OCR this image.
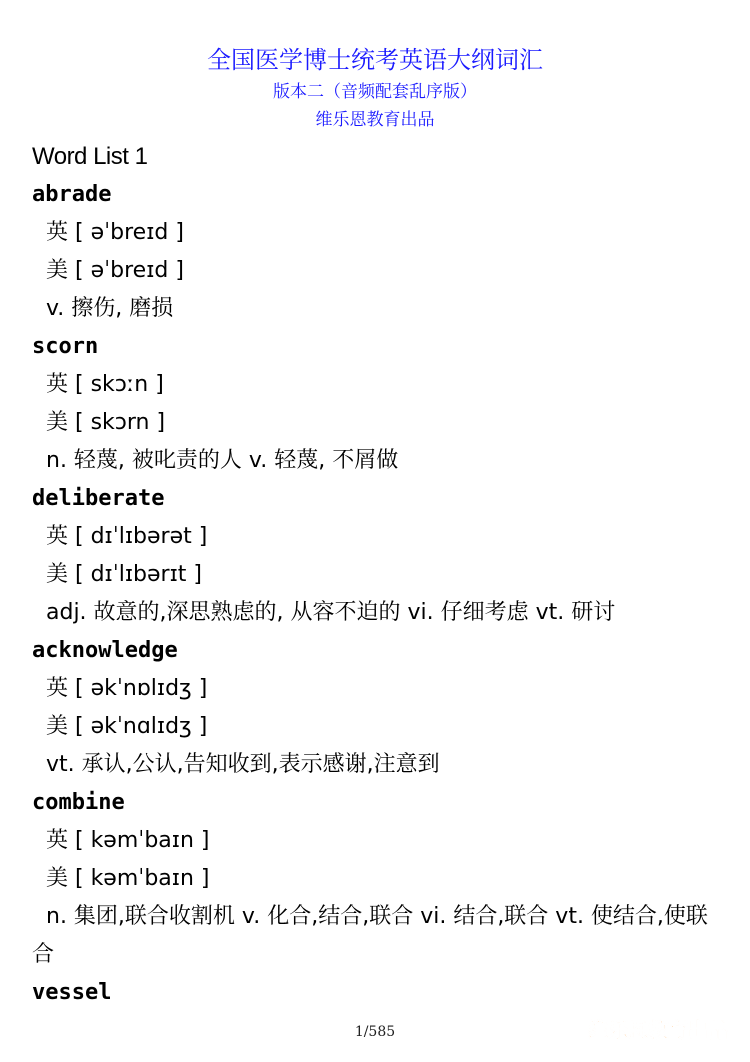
全国医学博士统考英语大纲词汇
版本二（音频配套乱序版）
维乐恩教育出品
Word List 1
abrade
英 [ əˈbreɪd ]
美 [ əˈbreɪd ]
v. 擦伤, 磨损
scorn
英 [ skɔːn ]
美 [ skɔrn ]
n. 轻蔑, 被叱责的人 v. 轻蔑, 不屑做
deliberate
英 [ dɪˈlɪbərət ]
美 [ dɪˈlɪbərɪt ]
adj. 故意的,深思熟虑的, 从容不迫的 vi. 仔细考虑 vt. 研讨
acknowledge
英 [ əkˈnɒlɪdʒ ]
美 [ əkˈnɑlɪdʒ ]
vt. 承认,公认,告知收到,表示感谢,注意到
combine
英 [ kəmˈbaɪn ]
美 [ kəmˈbaɪn ]
n. 集团,联合收割机 v. 化合,结合,联合 vi. 结合,联合 vt. 使结合,使联合
vessel
1/585	维乐恩教育出品
